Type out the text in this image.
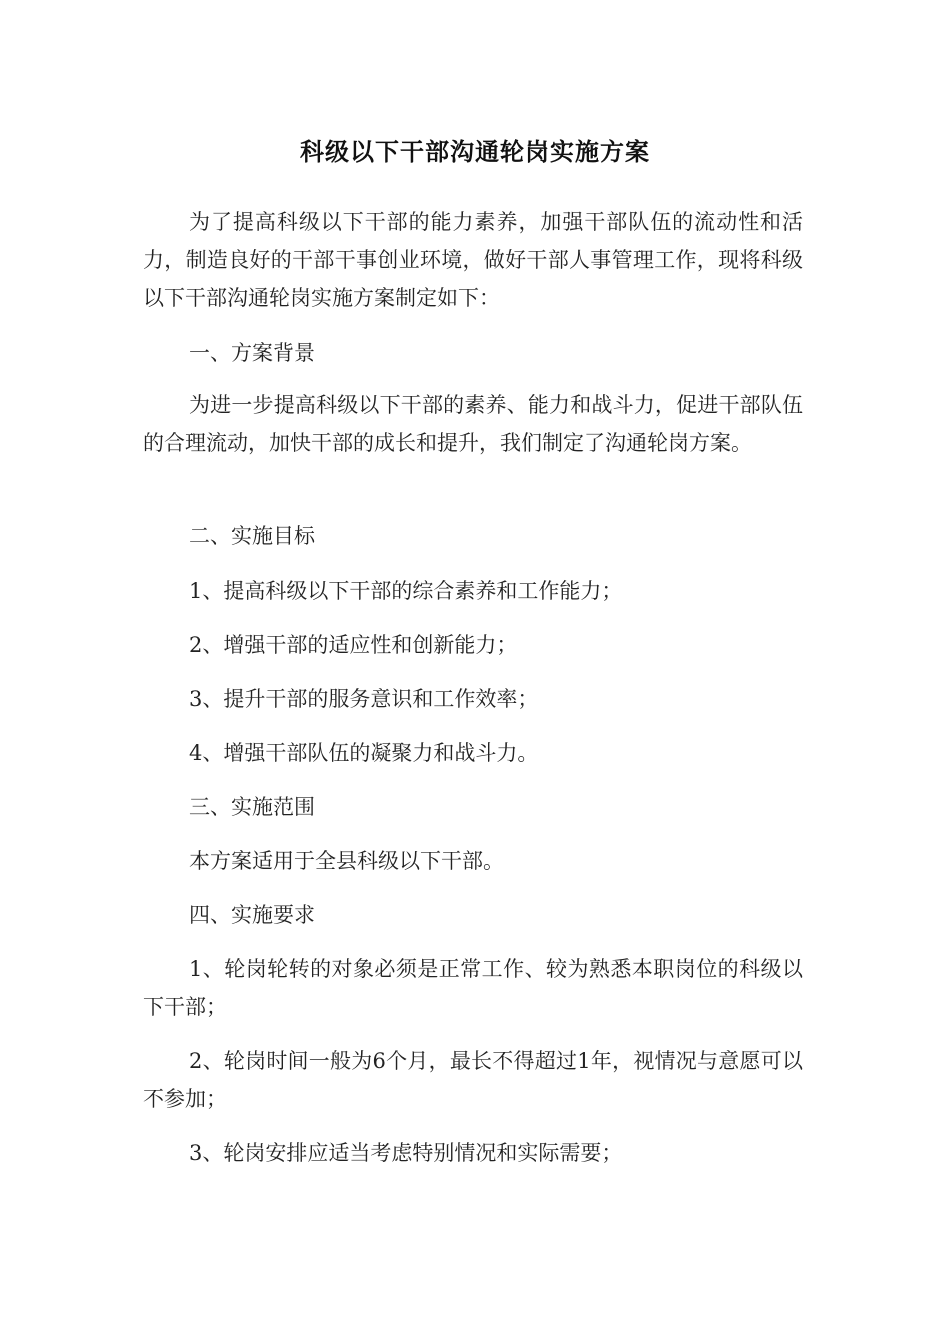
科级以下干部沟通轮岗实施方案

为了提高科级以下干部的能力素养，加强干部队伍的流动性和活力，制造良好的干部干事创业环境，做好干部人事管理工作，现将科级以下干部沟通轮岗实施方案制定如下：

一、方案背景

为进一步提高科级以下干部的素养、能力和战斗力，促进干部队伍的合理流动，加快干部的成长和提升，我们制定了沟通轮岗方案。

二、实施目标

1、提高科级以下干部的综合素养和工作能力；

2、增强干部的适应性和创新能力；

3、提升干部的服务意识和工作效率；

4、增强干部队伍的凝聚力和战斗力。

三、实施范围

本方案适用于全县科级以下干部。

四、实施要求

1、轮岗轮转的对象必须是正常工作、较为熟悉本职岗位的科级以下干部；

2、轮岗时间一般为6个月，最长不得超过1年，视情况与意愿可以不参加；

3、轮岗安排应适当考虑特别情况和实际需要；
